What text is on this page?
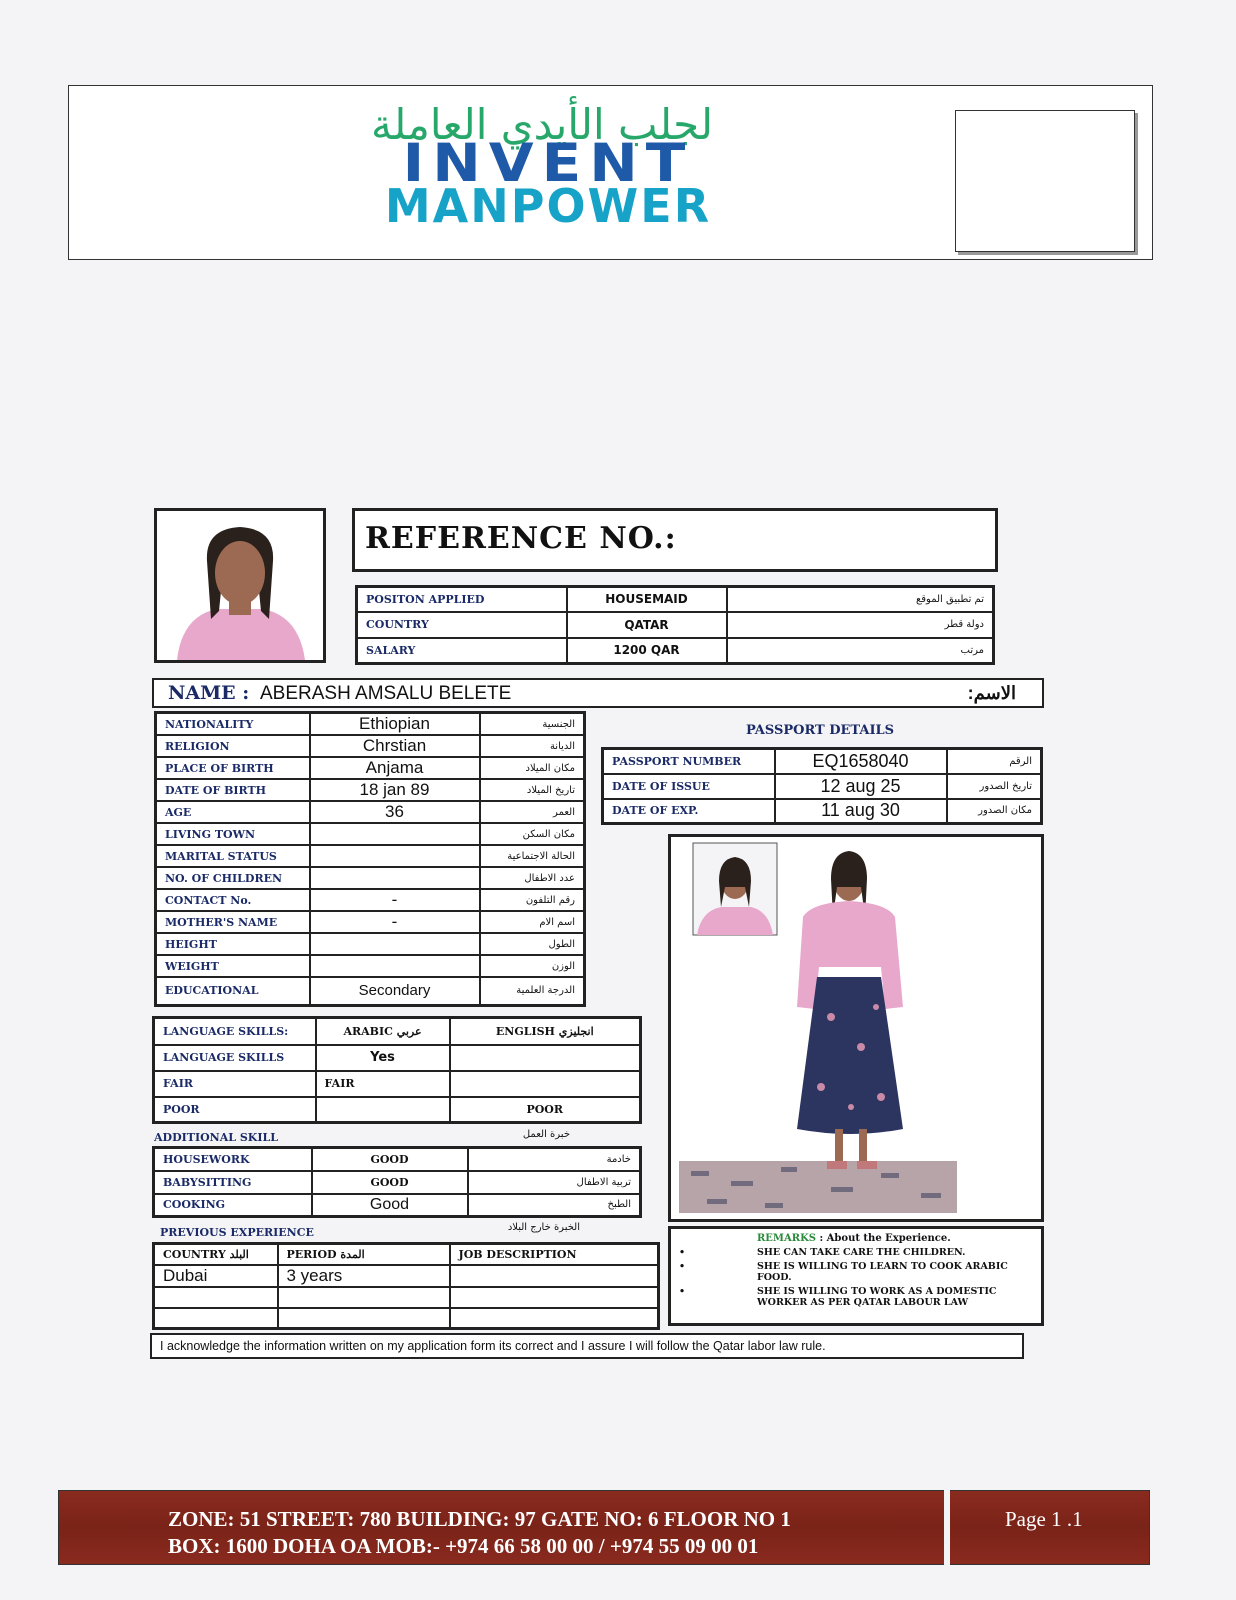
لجلب الأيدي العاملة
INVENT
MANPOWER
REFERENCE NO.:
POSITON APPLIED	HOUSEMAID	تم تطبيق الموقع
COUNTRY	QATAR	دولة قطر
SALARY	1200 QAR	مرتب
NAME : ABERASH AMSALU BELETE	الاسم:
NATIONALITY	Ethiopian	الجنسية
RELIGION	Chrstian	الديانة
PLACE OF BIRTH	Anjama	مكان الميلاد
DATE OF BIRTH	18 jan 89	تاريخ الميلاد
AGE	36	العمر
LIVING TOWN		مكان السكن
MARITAL STATUS		الحالة الاجتماعية
NO. OF CHILDREN		عدد الاطفال
CONTACT No.	-	رقم التلفون
MOTHER'S NAME	-	اسم الام
HEIGHT		الطول
WEIGHT		الوزن
EDUCATIONAL	Secondary	الدرجة العلمية
PASSPORT DETAILS
PASSPORT NUMBER	EQ1658040	الرقم
DATE OF ISSUE	12 aug 25	تاريخ الصدور
DATE OF EXP.	11 aug 30	مكان الصدور
LANGUAGE SKILLS:	ARABIC عربي	ENGLISH انجليزي
LANGUAGE SKILLS	Yes	
FAIR	FAIR	
POOR		POOR
ADDITIONAL SKILL	خبرة العمل
HOUSEWORK	GOOD	خادمة
BABYSITTING	GOOD	تربية الاطفال
COOKING	Good	الطبخ
PREVIOUS EXPERIENCE	الخبرة خارج البلاد
COUNTRY البلد	PERIOD المدة	JOB DESCRIPTION
Dubai	3 years	

REMARKS : About the Experience.
•	SHE CAN TAKE CARE THE CHILDREN.
•	SHE IS WILLING TO LEARN TO COOK ARABIC FOOD.
•	SHE IS WILLING TO WORK AS A DOMESTIC WORKER AS PER QATAR LABOUR LAW
I acknowledge the information written on my application form its correct and I assure I will follow the Qatar labor law rule.
ZONE: 51 STREET: 780 BUILDING: 97 GATE NO: 6 FLOOR NO 1
BOX: 1600 DOHA OA MOB:- +974 66 58 00 00 / +974 55 09 00 01
Page 1 .1
